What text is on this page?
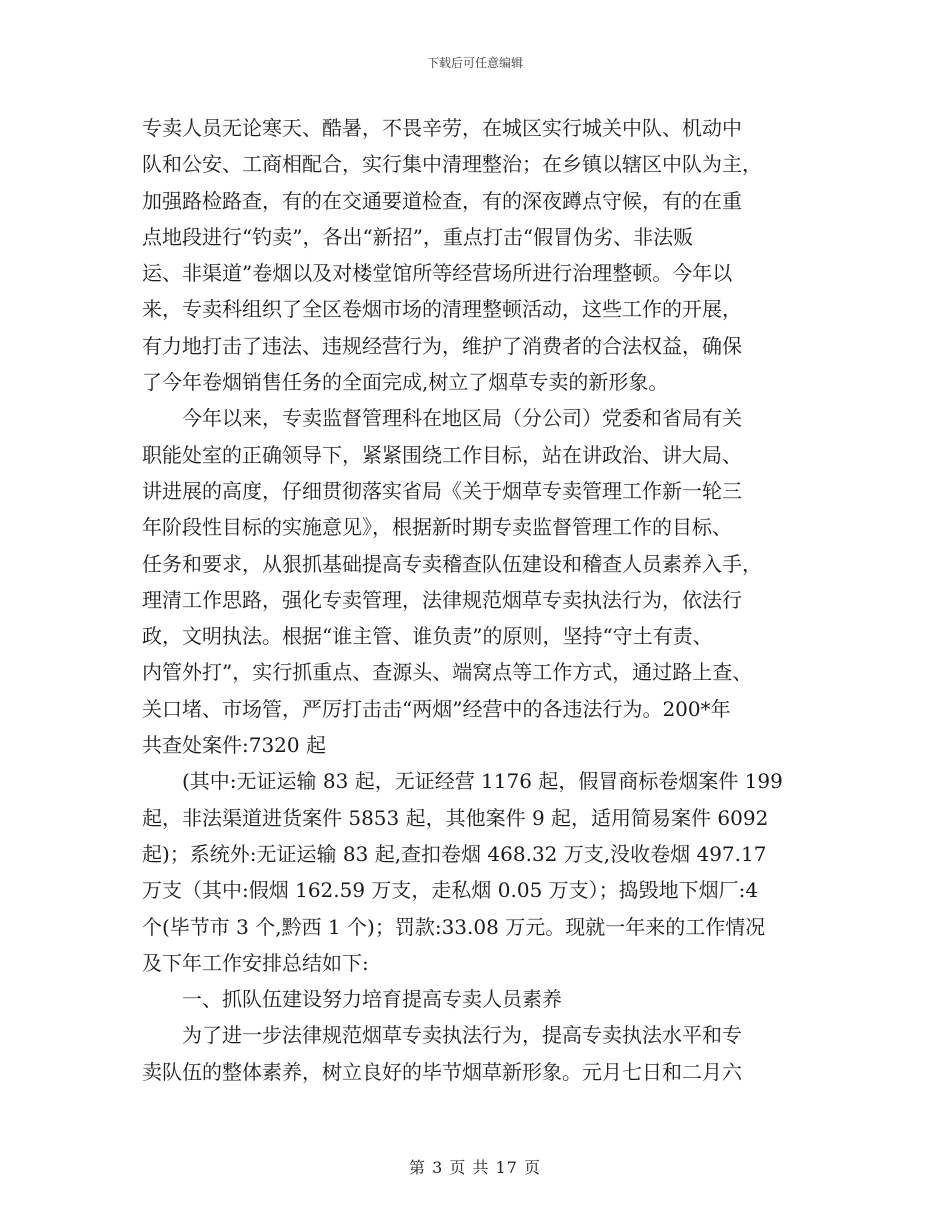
下载后可任意编辑
专卖人员无论寒天、酷暑，不畏辛劳，在城区实行城关中队、机动中
队和公安、工商相配合，实行集中清理整治；在乡镇以辖区中队为主，
加强路检路查，有的在交通要道检查，有的深夜蹲点守候，有的在重
点地段进行“钓卖”，各出“新招”，重点打击“假冒伪劣、非法贩
运、非渠道”卷烟以及对楼堂馆所等经营场所进行治理整顿。今年以
来，专卖科组织了全区卷烟市场的清理整顿活动，这些工作的开展，
有力地打击了违法、违规经营行为，维护了消费者的合法权益，确保
了今年卷烟销售任务的全面完成,树立了烟草专卖的新形象。
　　今年以来，专卖监督管理科在地区局（分公司）党委和省局有关
职能处室的正确领导下，紧紧围绕工作目标，站在讲政治、讲大局、
讲进展的高度，仔细贯彻落实省局《关于烟草专卖管理工作新一轮三
年阶段性目标的实施意见》，根据新时期专卖监督管理工作的目标、
任务和要求，从狠抓基础提高专卖稽查队伍建设和稽查人员素养入手，
理清工作思路，强化专卖管理，法律规范烟草专卖执法行为，依法行
政，文明执法。根据“谁主管、谁负责”的原则，坚持“守土有责、
内管外打”，实行抓重点、查源头、端窝点等工作方式，通过路上查、
关口堵、市场管，严厉打击击“两烟”经营中的各违法行为。200*年
共查处案件:7320 起
　　(其中:无证运输 83 起，无证经营 1176 起，假冒商标卷烟案件 199
起，非法渠道进货案件 5853 起，其他案件 9 起，适用简易案件 6092
起)；系统外:无证运输 83 起,查扣卷烟 468.32 万支,没收卷烟 497.17
万支（其中:假烟 162.59 万支，走私烟 0.05 万支）；捣毁地下烟厂:4
个(毕节市 3 个,黔西 1 个)；罚款:33.08 万元。现就一年来的工作情况
及下年工作安排总结如下:
　　一、抓队伍建设努力培育提高专卖人员素养
　　为了进一步法律规范烟草专卖执法行为，提高专卖执法水平和专
卖队伍的整体素养，树立良好的毕节烟草新形象。元月七日和二月六
第 3 页 共 17 页
